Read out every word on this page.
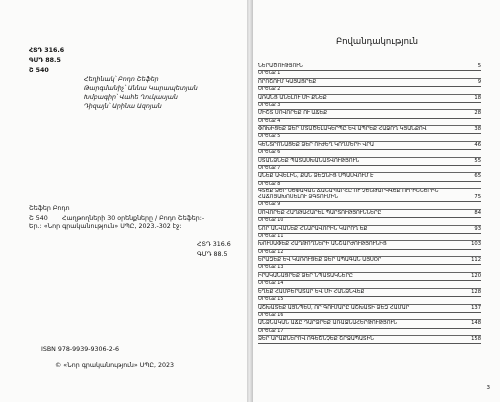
ՀՏԴ 316.6
ԳՄԴ 88.5
Շ 540
Հեղինակ՝ Բոդո Շեֆեր
Թարգմանիչ՝ Աննա Կարապետյան
Խմբագիր՝ Վահե Ղուկասյան
Դիզայն՝ Արինա Ազոյան
Շեֆեր Բոդո
Շ 540 Հաղթողների 30 օրենքները / Բոդո Շեֆեր:-
Եր.: «Նոր գրականություն» ՍՊԸ, 2023.-302 էջ:
ՀՏԴ 316.6
ԳՄԴ 88.5
ISBN 978-9939-9306-2-6
© «Նոր գրականություն» ՍՊԸ, 2023
Բովանդակություն
ՆԵՐԱԾՈՒԹՅՈՒՆ	5
ՕՐԵՆՔ 1
ՈՐՈՇՈՒՄ ԿԱՅԱՑՐԵՔ	9
ՕՐԵՆՔ 2
ԱՌԱՆՑ ԱՆԵԼՈՒ ՄԻ ՔՆԵՔ	18
ՕՐԵՆՔ 3
ՄԻՇՏ ՍՈՎՈՐԵՔ ՈՒ ԱՃԵՔ	28
ՕՐԵՆՔ 4
ՓՈԽԻՑԵՔ ՁԵՐ ՄՏԱԾԵԼԱԿԵՐՊԸ ԵՎ ԱՊՐԵՔ ՀԱՋՈՂ ԿՅԱՆՔՈՎ	38
ՕՐԵՆՔ 5
ԿԵՆՏՐՈՆԱՑԵՔ ՁԵՐ ՈՒԺԵՂ ԿՈՂՄԵՐԻ ՎՐԱ	46
ՕՐԵՆՔ 6
ՍՏԱՆՁՆԵՔ ՊԱՏԱՍԽԱՆԱՏՎՈՒԹՅՈՒՆ	55
ՕՐԵՆՔ 7
ԱՆԵՔ ԱՎԵԼԻՆ, ՔԱՆ ՁԵԶՆԻՑ ՍՊԱՍՎՈՒՄ Է	65
ՕՐԵՆՔ 8
ԳՏԵՔ ՁԵՐ ՍԵՓԱԿԱՆ ՃԱՆԱՊԱՐՀԸ ՈՒ ՉԵՆԹԱՐԿՎԵՔ ՈՒՐԻՇՆԵՐԻՆ ՀԱՃՈՅԱԽՈՍԵԼՈՒ ՁԳՏՈՒՄԻՆ	75
ՕՐԵՆՔ 9
ՍՈՎՈՐԵՔ ՀԱՂԹԱՀԱՐԵԼ ՊԱՐՏՈՒԹՅՈՒՆՆԵՐԸ	84
ՕՐԵՆՔ 10
ՆՈՐ ԱՆՎԱՆԵՔ ՀՆԱՐԱՎՈՐԻՆ ԿԱՐՈՂ ԵՔ	93
ՕՐԵՆՔ 11
ԽՈՒՍԱՓԵՔ ՀԱՂԹՈՂՆԵՐԻ ԱՆՇԱՐԺՈՒԹՅՈՒՆԻՑ	103
ՕՐԵՆՔ 12
ԵՐԱԶԵՔ ԵՎ ԿԱՌՈՒՑԵՔ ՁԵՐ ԱՊԱԳԱՆ ԱՅՍՕՐ	112
ՕՐԵՆՔ 13
ԻՐԱԿԱՆԱՑՐԵՔ ՁԵՐ ՆՊԱՏԱԿՆԵՐԸ	120
ՕՐԵՆՔ 14
ԵՂԵՔ ՀԱՄԲԵՐԱՏԱՐ ԵՎ ՄԻ ՀԱՆՁՆՎԵՔ	128
ՕՐԵՆՔ 15
ԱՇԽԱՏԵՔ ԱՅՆՊԵՍ, ՈՐ ԳՈՒՄԱՐԸ ԱՇԽԱՏԻ ՁԵԶ ՀԱՄԱՐ	137
ՕՐԵՆՔ 16
ԱՆՁՆԱԿԱՆ ԱՃԸ ԴԱՐՁՐԵՔ ԱՌԱՋՆԱՀԵՐԹՈՒԹՅՈՒՆ	148
ՕՐԵՆՔ 17
ՁԵՐ ԱՐԱՔՆԵՐՈՎ ՈԳԵՇՆՉԵՔ ՇՐՋԱՊԱՏԻՆ	158
3
